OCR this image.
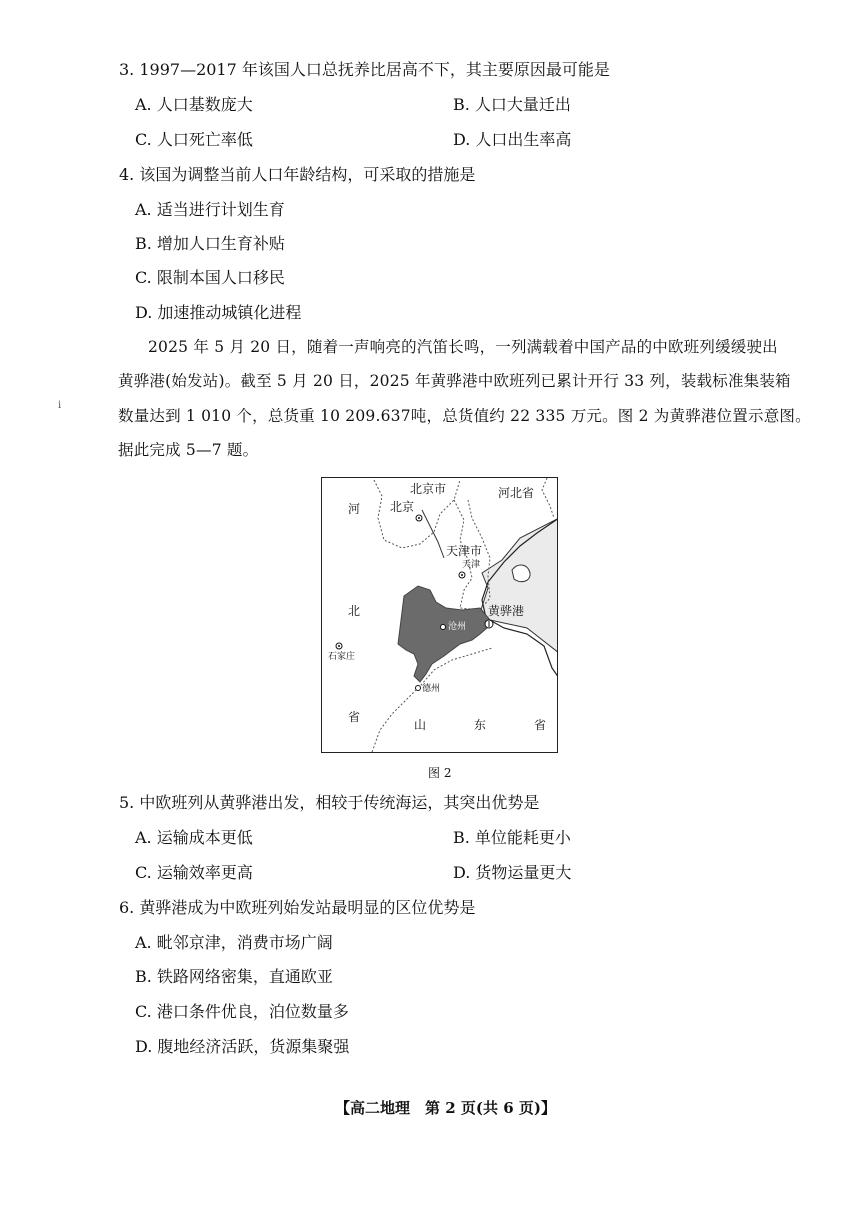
3. 1997—2017 年该国人口总抚养比居高不下，其主要原因最可能是
A. 人口基数庞大	B. 人口大量迁出
C. 人口死亡率低	D. 人口出生率高
4. 该国为调整当前人口年龄结构，可采取的措施是
A. 适当进行计划生育
B. 增加人口生育补贴
C. 限制本国人口移民
D. 加速推动城镇化进程
2025 年 5 月 20 日，随着一声响亮的汽笛长鸣，一列满载着中国产品的中欧班列缓缓驶出
黄骅港(始发站)。截至 5 月 20 日，2025 年黄骅港中欧班列已累计开行 33 列，装载标准集装箱
数量达到 1 010 个，总货重 10 209.637吨，总货值约 22 335 万元。图 2 为黄骅港位置示意图。
据此完成 5—7 题。
ⅰ
北京市	河北省
河 北京
天津市
天津
黄骅港
北
沧州
石家庄
德州
省
山	东	省
图 2
5. 中欧班列从黄骅港出发，相较于传统海运，其突出优势是
A. 运输成本更低	B. 单位能耗更小
C. 运输效率更高	D. 货物运量更大
6. 黄骅港成为中欧班列始发站最明显的区位优势是
A. 毗邻京津，消费市场广阔
B. 铁路网络密集，直通欧亚
C. 港口条件优良，泊位数量多
D. 腹地经济活跃，货源集聚强
【高二地理　第 2 页(共 6 页)】
